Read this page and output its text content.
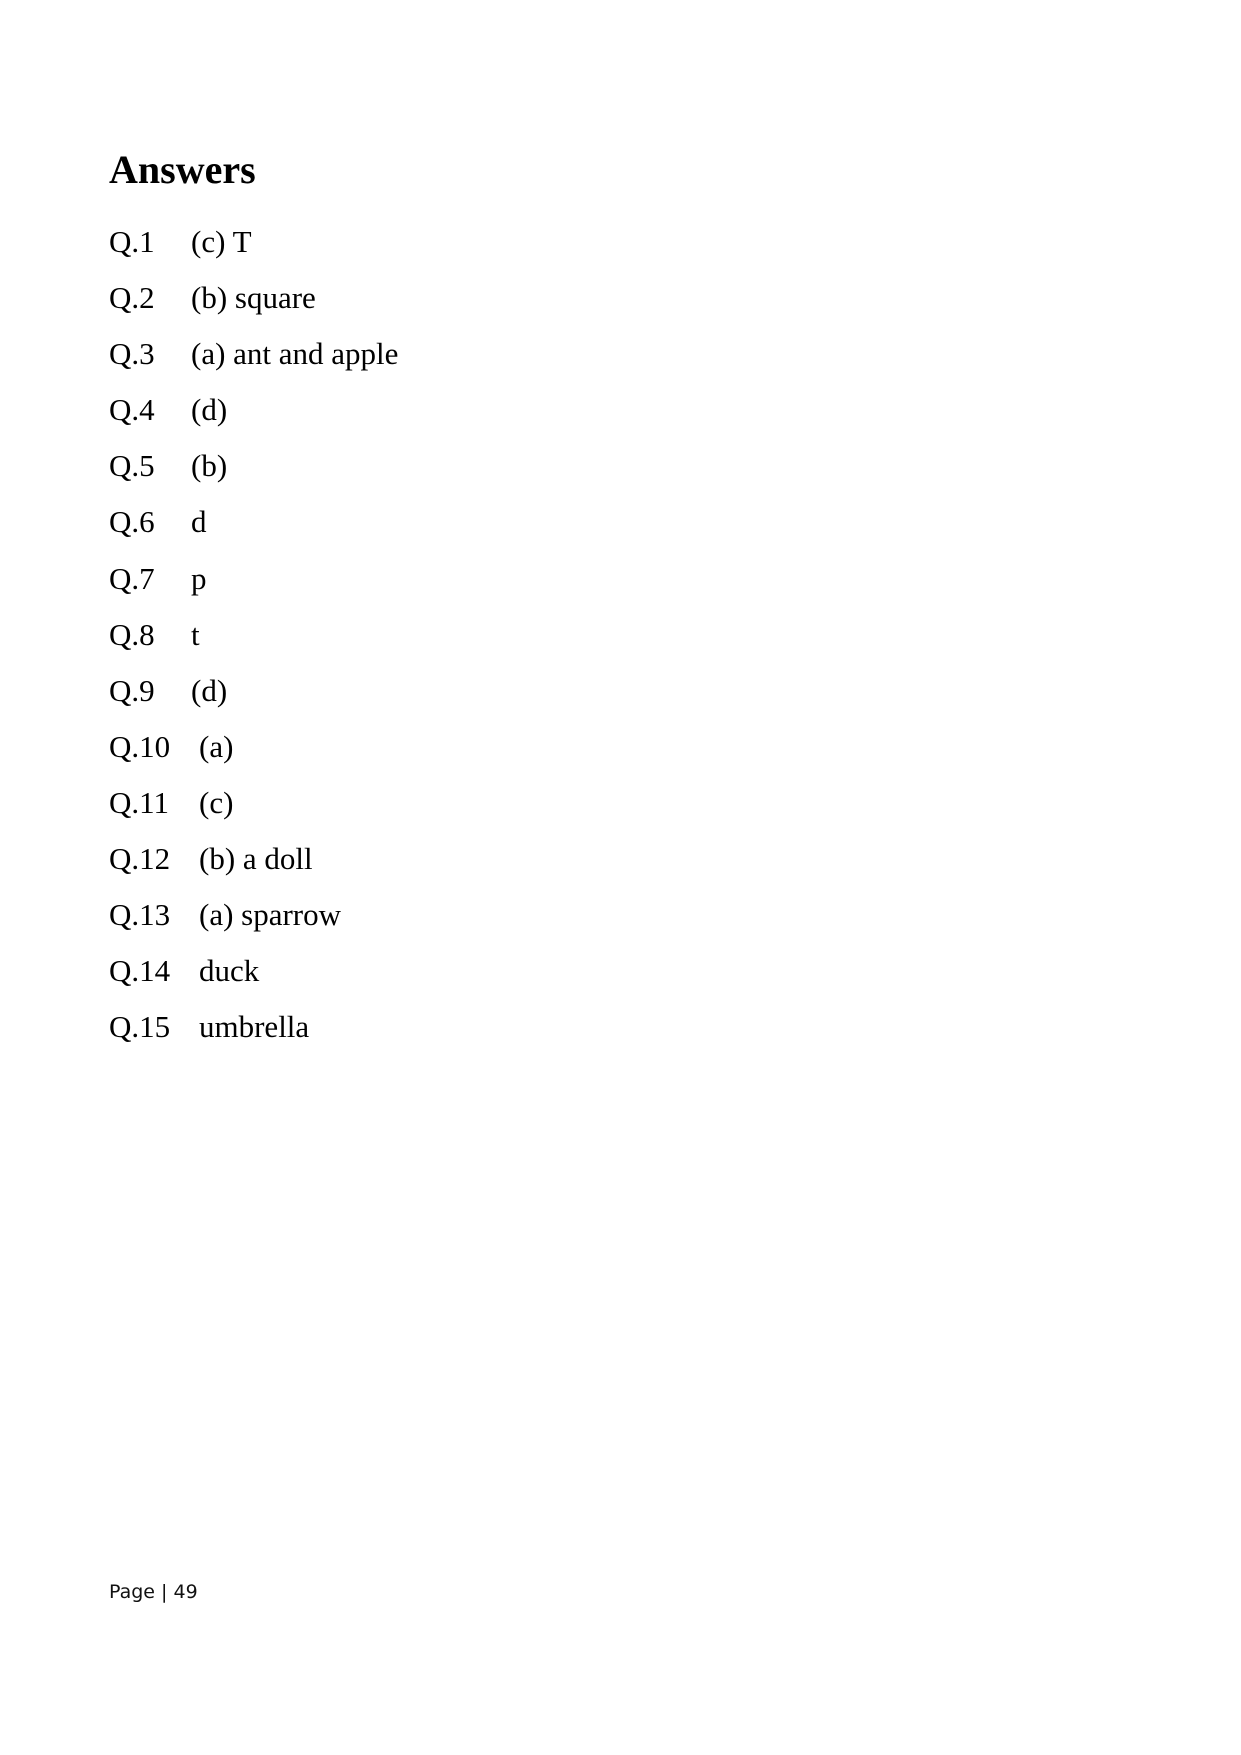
Answers
Q.1 (c) T
Q.2 (b) square
Q.3 (a) ant and apple
Q.4 (d)
Q.5 (b)
Q.6 d
Q.7 p
Q.8 t
Q.9 (d)
Q.10 (a)
Q.11 (c)
Q.12 (b) a doll
Q.13 (a) sparrow
Q.14 duck
Q.15 umbrella
Page | 49
